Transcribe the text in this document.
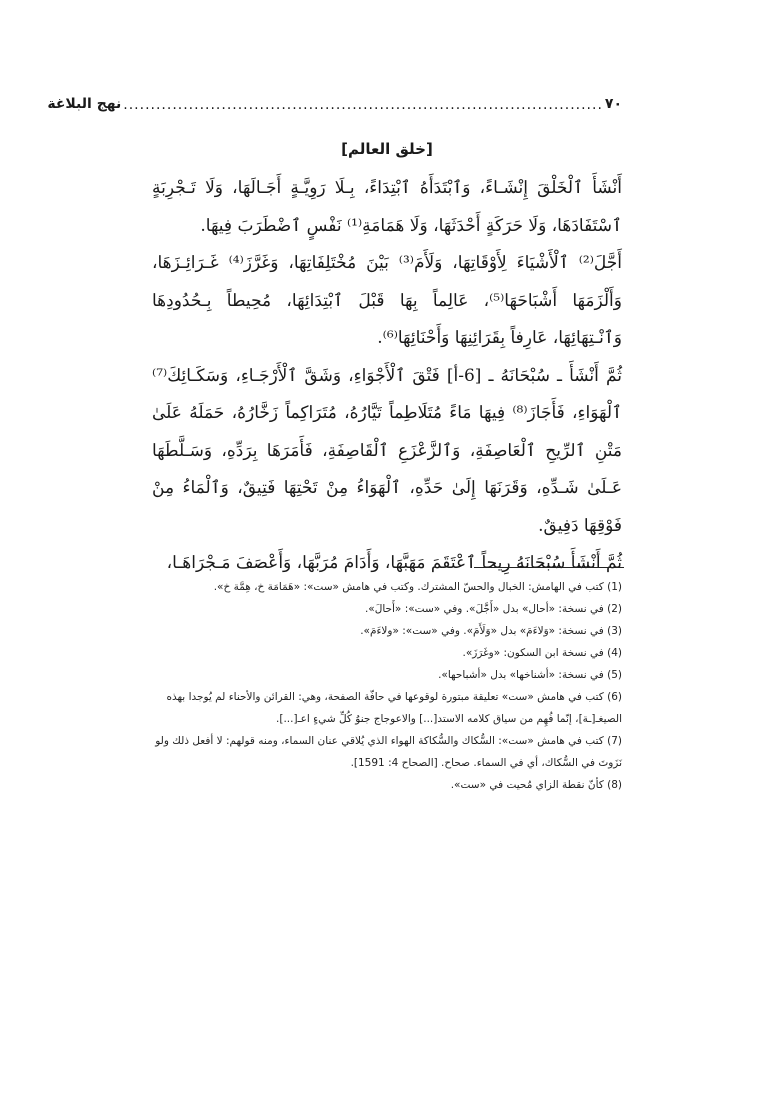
٧٠
........................................................................................
نهج البلاغة
[خلق العالم]

أَنْشَأَ ٱلْخَلْقَ إِنْشَـاءً، وَٱبْتَدَأَهُ ٱبْتِدَاءً، بِـلَا رَوِيَّـةٍ أَجَـالَهَا، وَلَا تَـجْرِبَةٍ ٱسْتَفَادَهَا، وَلَا حَرَكَةٍ أَحْدَثَهَا، وَلَا هَمَامَةِ⁽¹⁾ نَفْسٍ ٱضْطَرَبَ فِيهَا.

أَجَّلَ⁽²⁾ ٱلْأَشْيَاءَ لِأَوْقَاتِهَا، وَلَأَمَ⁽³⁾ بَيْنَ مُخْتَلِفَاتِهَا، وَغَرَّزَ⁽⁴⁾ غَـرَائِـزَهَا، وَأَلْزَمَهَا أَشْبَاحَهَا⁽⁵⁾، عَالِماً بِهَا قَبْلَ ٱبْتِدَائِهَا، مُحِيطاً بِـحُدُودِهَا وَٱنْـتِهَائِهَا، عَارِفاً بِقَرَائِنِهَا وَأَحْنَائِهَا⁽⁶⁾.

ثُمَّ أَنْشَأَ ـ سُبْحَانَهُ ـ [6-أ] فَتْقَ ٱلْأَجْوَاءِ، وَشَقَّ ٱلْأَرْجَـاءِ، وَسَكَـائِكَ⁽⁷⁾ ٱلْهَوَاءِ، فَأَجَازَ⁽⁸⁾ فِيهَا مَاءً مُتَلَاطِماً تَيَّارُهُ، مُتَرَاكِماً زَخَّارُهُ، حَمَلَهُ عَلَىٰ مَتْنِ ٱلرِّيحِ ٱلْعَاصِفَةِ، وَٱلزَّعْزَعِ ٱلْقَاصِفَةِ، فَأَمَرَهَا بِرَدِّهِ، وَسَـلَّطَهَا عَـلَىٰ شَـدِّهِ، وَقَرَنَهَا إِلَىٰ حَدِّهِ، ٱلْهَوَاءُ مِنْ تَحْتِهَا فَتِيقٌ، وَٱلْمَاءُ مِنْ فَوْقِهَا دَفِيقٌ.

ثُمَّ أَنْشَأَ سُبْحَانَهُ رِيحاً ٱعْتَقَمَ مَهَبَّهَا، وَأَدَامَ مُرَبَّهَا، وَأَعْصَفَ مَـجْرَاهَـا،

(1) كتب في الهامش: الخبال والحسّ المشترك. وكتب في هامش «ست»: «هَمَامَة خ، هِمَّة خ».

(2) في نسخة: «أحال» بدل «أَجَّلَ». وفي «ست»: «أَحالَ».

(3) في نسخة: «وَلاءَمَ» بدل «وَلَأَمَ». وفي «ست»: «ولاءَمَ».

(4) في نسخة ابن السكون: «وغَرَزَ».

(5) في نسخة: «أشناخها» بدل «أشباحها».

(6) كتب في هامش «ست» تعليقة مبتورة لوقوعها في حافّة الصفحة، وهي: القرائن والأحناء لم يُوجدا بهذه الصيغـ[ـة]، إنّما فُهِم من سياق كلامه الاستد[...] والاعوجاج جنوُ كُلِّ شيءٍ اعـ[...].

(7) كتب في هامش «ست»: السُّكاك والسُّكاكة الهواء الذي يُلاقي عنان السماء، ومنه قولهم: لا أفعل ذلك ولو نَزَوتَ في السُّكاك، أي في السماء. صحاح. [الصحاح 4: 1591].

(8) كأنّ نقطة الزاي مُحيت في «ست».
